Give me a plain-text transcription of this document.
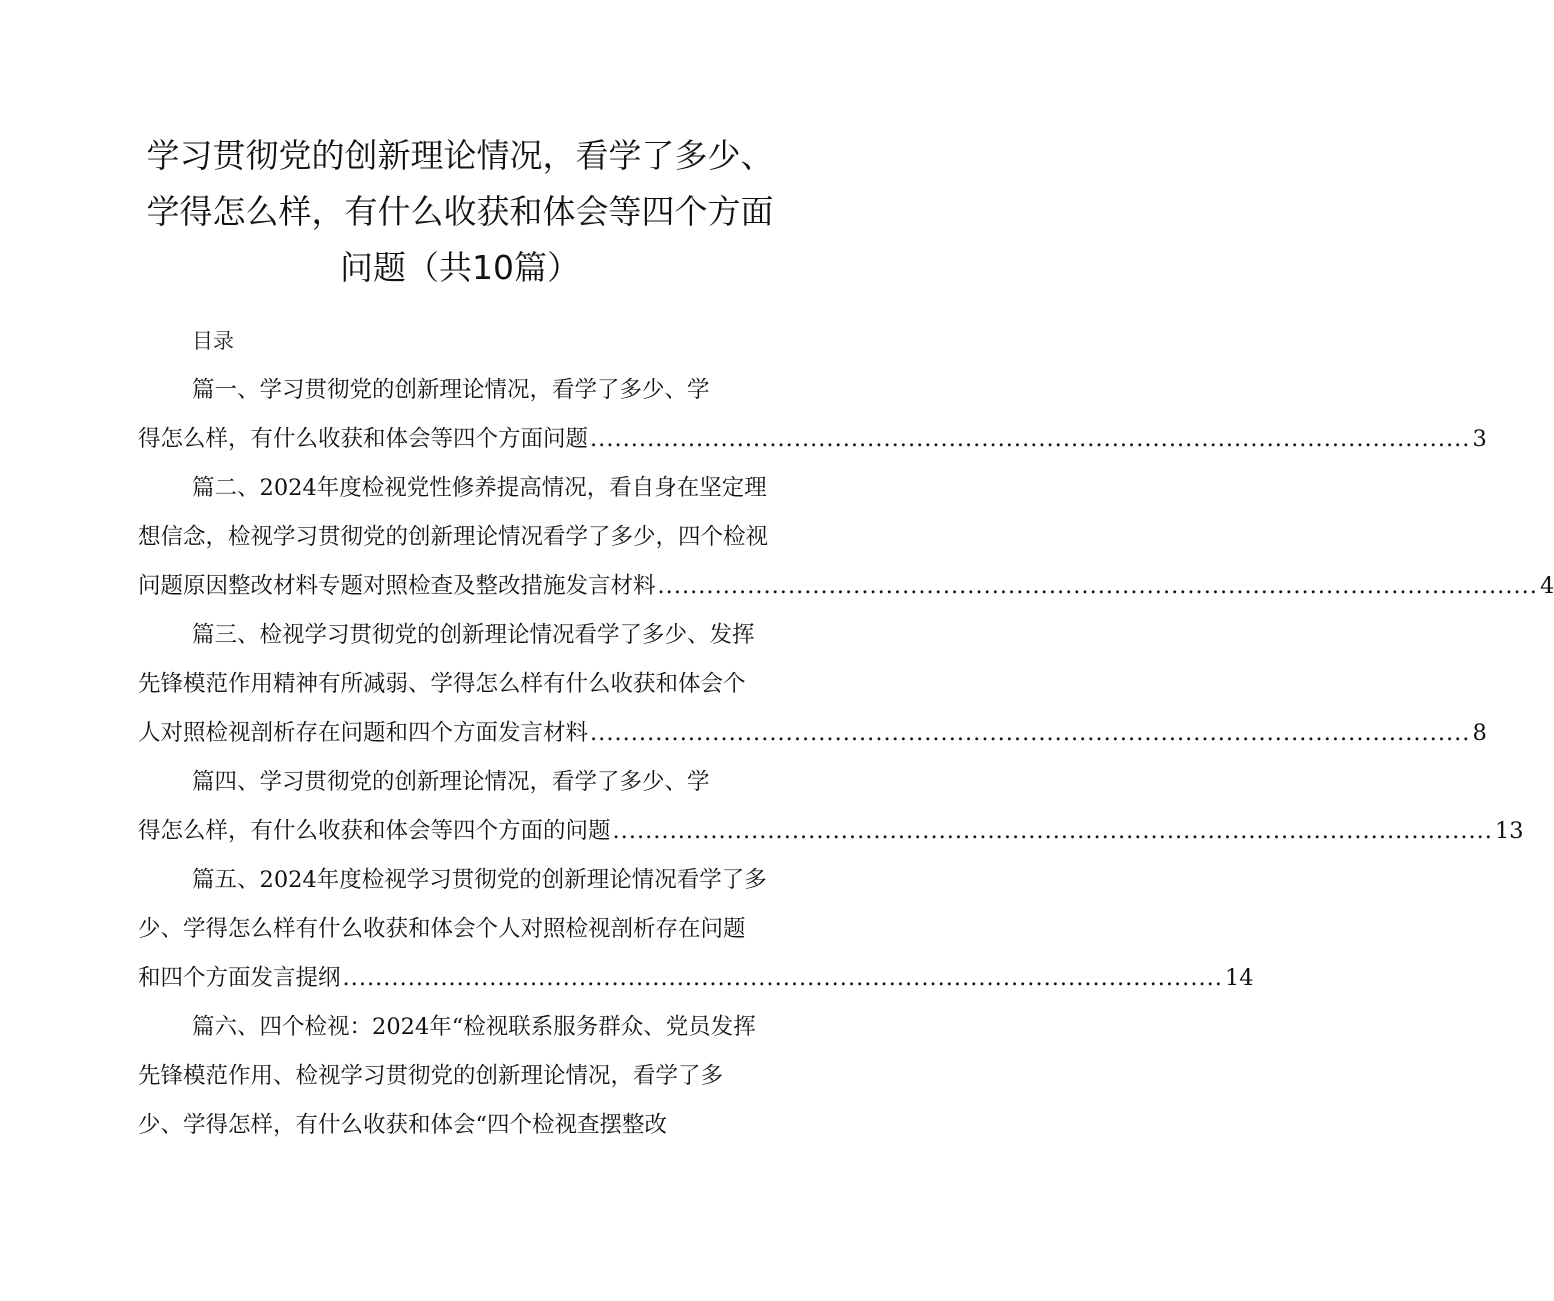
学习贯彻党的创新理论情况，看学了多少、
学得怎么样，有什么收获和体会等四个方面
问题（共10篇）
目录
篇一、学习贯彻党的创新理论情况，看学了多少、学
得怎么样，有什么收获和体会等四个方面问题 ............................................................................................................ 3
篇二、2024年度检视党性修养提高情况，看自身在坚定理
想信念，检视学习贯彻党的创新理论情况看学了多少，四个检视
问题原因整改材料专题对照检查及整改措施发言材料 ............................................................................................................ 4
篇三、检视学习贯彻党的创新理论情况看学了多少、发挥
先锋模范作用精神有所减弱、学得怎么样有什么收获和体会个
人对照检视剖析存在问题和四个方面发言材料 ............................................................................................................ 8
篇四、学习贯彻党的创新理论情况，看学了多少、学
得怎么样，有什么收获和体会等四个方面的问题 ............................................................................................................ 13
篇五、2024年度检视学习贯彻党的创新理论情况看学了多
少、学得怎么样有什么收获和体会个人对照检视剖析存在问题
和四个方面发言提纲 ............................................................................................................ 14
篇六、四个检视：2024年“检视联系服务群众、党员发挥
先锋模范作用、检视学习贯彻党的创新理论情况，看学了多
少、学得怎样，有什么收获和体会“四个检视查摆整改
